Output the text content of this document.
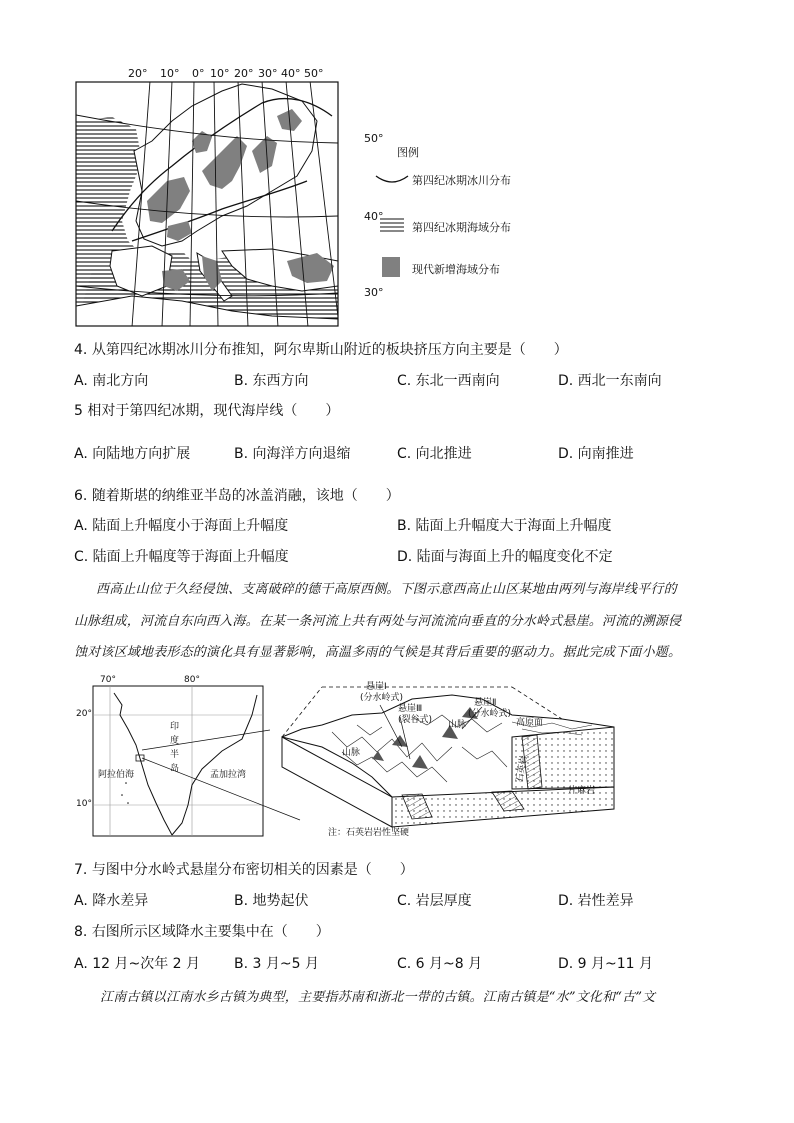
20° 10° 0° 10° 20° 30° 40° 50°
50°
40°
30°
图例
第四纪冰期冰川分布
第四纪冰期海域分布
现代新增海域分布
4. 从第四纪冰期冰川分布推知，阿尔卑斯山附近的板块挤压方向主要是（　　）
A. 南北方向	B. 东西方向	C. 东北一西南向	D. 西北一东南向
5 相对于第四纪冰期，现代海岸线（　　）
A. 向陆地方向扩展	B. 向海洋方向退缩	C. 向北推进	D. 向南推进
6. 随着斯堪的纳维亚半岛的冰盖消融，该地（　　）
A. 陆面上升幅度小于海面上升幅度	B. 陆面上升幅度大于海面上升幅度
C. 陆面上升幅度等于海面上升幅度	D. 陆面与海面上升的幅度变化不定
西高止山位于久经侵蚀、支离破碎的德干高原西侧。下图示意西高止山区某地由两列与海岸线平行的
山脉组成，河流自东向西入海。在某一条河流上共有两处与河流流向垂直的分水岭式悬崖。河流的溯源侵
蚀对该区域地表形态的演化具有显著影响，高温多雨的气候是其背后重要的驱动力。据此完成下面小题。
70°	80°
20°
10°
阿拉伯海
印
度
半
岛
孟加拉湾
悬崖Ⅰ
(分水岭式)
悬崖Ⅲ
(裂谷式)
悬崖Ⅱ
(分水岭式)
山脉	高原面
山脉
石英岩
片麻岩
注：石英岩岩性坚硬
7. 与图中分水岭式悬崖分布密切相关的因素是（　　）
A. 降水差异	B. 地势起伏	C. 岩层厚度	D. 岩性差异
8. 右图所示区域降水主要集中在（　　）
A. 12 月~次年 2 月 B. 3 月~5 月	C. 6 月~8 月	D. 9 月~11 月
江南古镇以江南水乡古镇为典型，主要指苏南和浙北一带的古镇。江南古镇是“水”文化和“古”文
